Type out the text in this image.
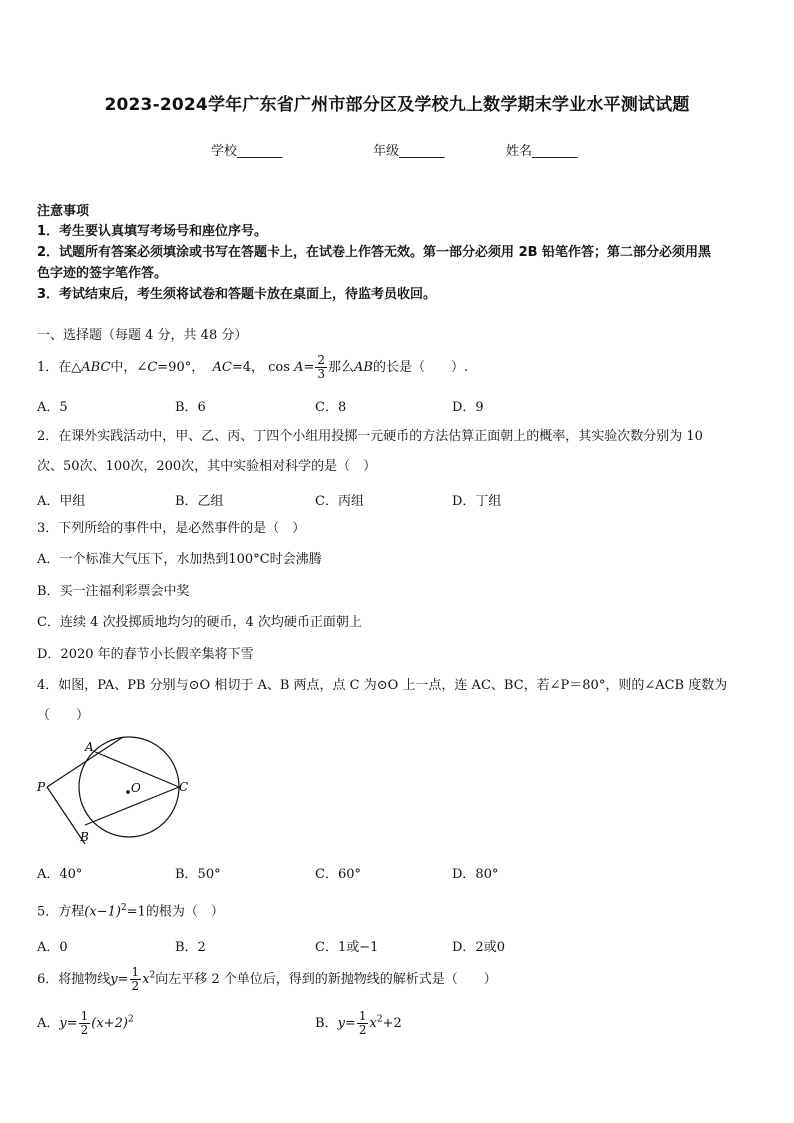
2023-2024学年广东省广州市部分区及学校九上数学期末学业水平测试试题
学校_______	年级_______	姓名_______
注意事项
1．考生要认真填写考场号和座位序号。
2．试题所有答案必须填涂或书写在答题卡上，在试卷上作答无效。第一部分必须用 2B 铅笔作答；第二部分必须用黑
色字迹的签字笔作答。
3．考试结束后，考生须将试卷和答题卡放在桌面上，待监考员收回。
一、选择题（每题 4 分，共 48 分）
1．在△ABC中，∠C=90°， AC=4， $\cos A= \frac{2}{3}$ 那么AB的长是（　　）.
A．5	B．6	C．8	D．9
2．在课外实践活动中，甲、乙、丙、丁四个小组用投掷一元硬币的方法估算正面朝上的概率，其实验次数分别为 10
次、50次、100次，200次，其中实验相对科学的是（　）
A．甲组	B．乙组	C．丙组	D．丁组
3．下列所给的事件中，是必然事件的是（　）
A．一个标准大气压下，水加热到100°C时会沸腾
B．买一注福利彩票会中奖
C．连续 4 次投掷质地均匀的硬币，4 次均硬币正面朝上
D．2020 年的春节小长假辛集将下雪
4．如图，PA、PB 分别与⊙O 相切于 A、B 两点，点 C 为⊙O 上一点，连 AC、BC，若∠P＝80°，则的∠ACB 度数为
（　　）
A
B
C
P	O
A．40°	B．50°	C．60°	D．80°
5．方程$(x-1)^2=1$的根为（　）
A．0	B．2	C．1或−1	D．2或0
6．将抛物线$y= \frac{1}{2} x^2$向左平移 2 个单位后，得到的新抛物线的解析式是（　　）
A．$y= \frac{1}{2} (x+2)^2$	B．$y= \frac{1}{2} x^2+2$
